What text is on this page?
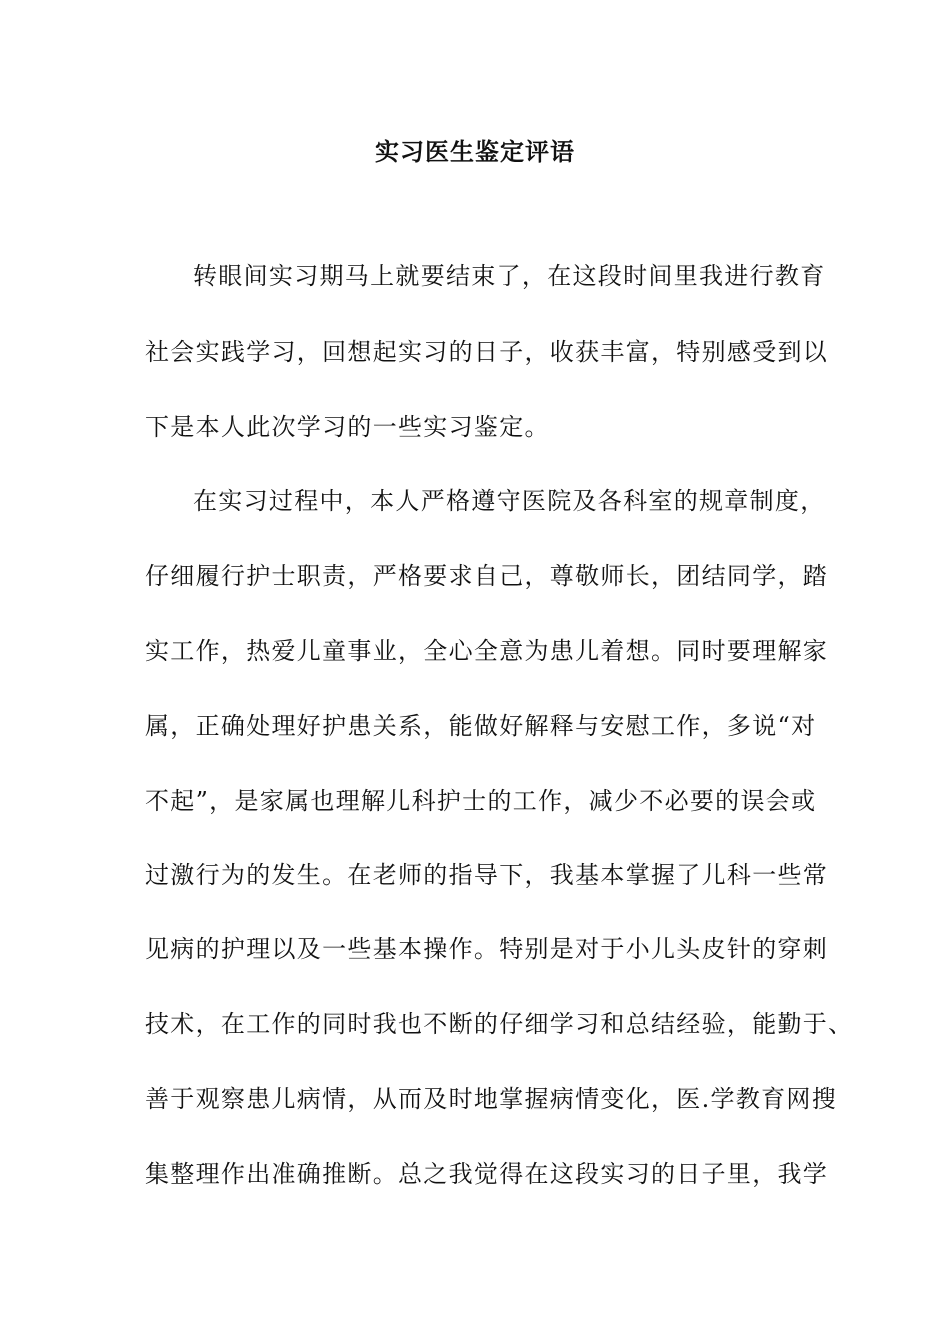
实习医生鉴定评语

转眼间实习期马上就要结束了，在这段时间里我进行教育

社会实践学习，回想起实习的日子，收获丰富，特别感受到以

下是本人此次学习的一些实习鉴定。

在实习过程中，本人严格遵守医院及各科室的规章制度，

仔细履行护士职责，严格要求自己，尊敬师长，团结同学，踏

实工作，热爱儿童事业，全心全意为患儿着想。同时要理解家

属，正确处理好护患关系，能做好解释与安慰工作，多说“对

不起”，是家属也理解儿科护士的工作，减少不必要的误会或

过激行为的发生。在老师的指导下，我基本掌握了儿科一些常

见病的护理以及一些基本操作。特别是对于小儿头皮针的穿刺

技术，在工作的同时我也不断的仔细学习和总结经验，能勤于、

善于观察患儿病情，从而及时地掌握病情变化，医.学教育网搜

集整理作出准确推断。总之我觉得在这段实习的日子里，我学
